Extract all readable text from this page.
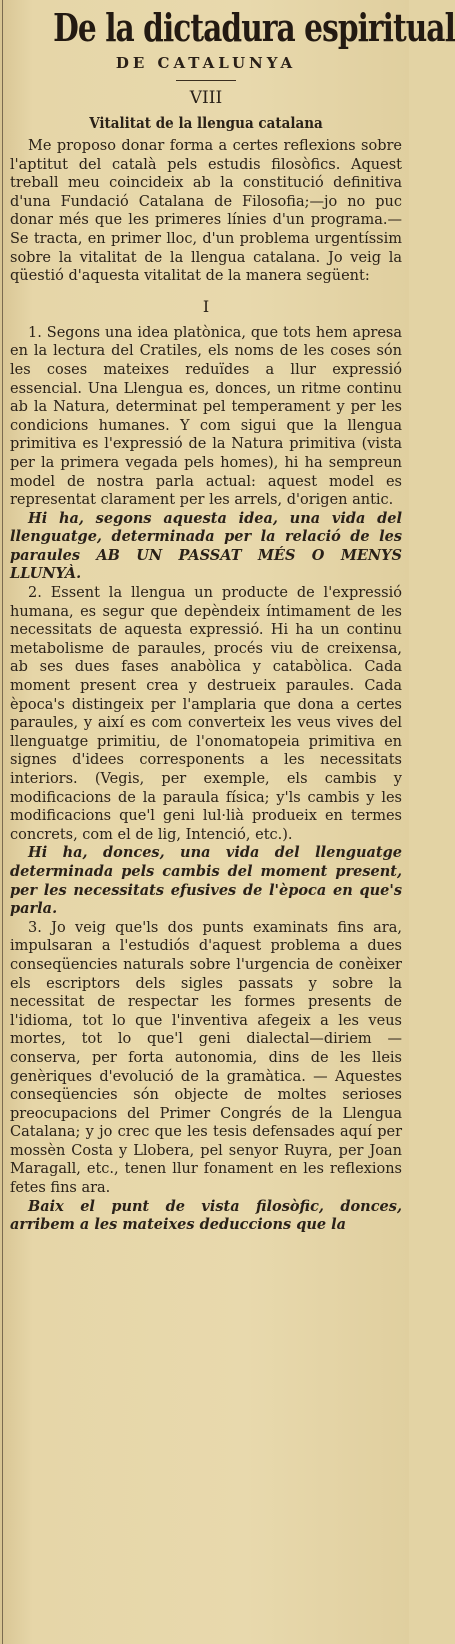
De la dictadura espiritual
DE CATALUNYA
VIII
Vitalitat de la llengua catalana

Me proposo donar forma a certes reflexions sobre l'aptitut del català pels estudis filosòfics. Aquest treball meu coincideix ab la constitució definitiva d'una Fundació Catalana de Filosofia;—jo no puc donar més que les primeres línies d'un programa.—Se tracta, en primer lloc, d'un problema urgentíssim sobre la vitalitat de la llengua catalana. Jo veig la qüestió d'aquesta vitalitat de la manera següent:

I

1. Segons una idea platònica, que tots hem apresa en la lectura del Cratiles, els noms de les coses són les coses mateixes reduïdes a llur expressió essencial. Una Llengua es, donces, un ritme continu ab la Natura, determinat pel temperament y per les condicions humanes. Y com sigui que la llengua primitiva es l'expressió de la Natura primitiva (vista per la primera vegada pels homes), hi ha sempreun model de nostra parla actual: aquest model es representat clarament per les arrels, d'origen antic.

Hi ha, segons aquesta idea, una vida del llenguatge, determinada per la relació de les paraules AB UN PASSAT MÉS O MENYS LLUNYÀ.

2. Essent la llengua un producte de l'expressió humana, es segur que depèndeix íntimament de les necessitats de aquesta expressió. Hi ha un continu metabolisme de paraules, procés viu de creixensa, ab ses dues fases anabòlica y catabòlica. Cada moment present crea y destrueix paraules. Cada època's distingeix per l'amplaria que dona a certes paraules, y així es com converteix les veus vives del llenguatge primitiu, de l'onomatopeia primitiva en signes d'idees corresponents a les necessitats interiors. (Vegis, per exemple, els cambis y modificacions de la paraula física; y'ls cambis y les modificacions que'l geni lul·lià produeix en termes concrets, com el de lig, Intenció, etc.).

Hi ha, donces, una vida del llenguatge determinada pels cambis del moment present, per les necessitats efusives de l'època en que's parla.

3. Jo veig que'ls dos punts examinats fins ara, impulsaran a l'estudiós d'aquest problema a dues conseqüencies naturals sobre l'urgencia de conèixer els escriptors dels sigles passats y sobre la necessitat de respectar les formes presents de l'idioma, tot lo que l'inventiva afegeix a les veus mortes, tot lo que'l geni dialectal—diriem — conserva, per forta autonomia, dins de les lleis genèriques d'evolució de la gramàtica. — Aquestes conseqüencies són objecte de moltes serioses preocupacions del Primer Congrés de la Llengua Catalana; y jo crec que les tesis defensades aquí per mossèn Costa y Llobera, pel senyor Ruyra, per Joan Maragall, etc., tenen llur fonament en les reflexions fetes fins ara.

Baix el punt de vista filosòfic, donces, arribem a les mateixes deduccions que la
